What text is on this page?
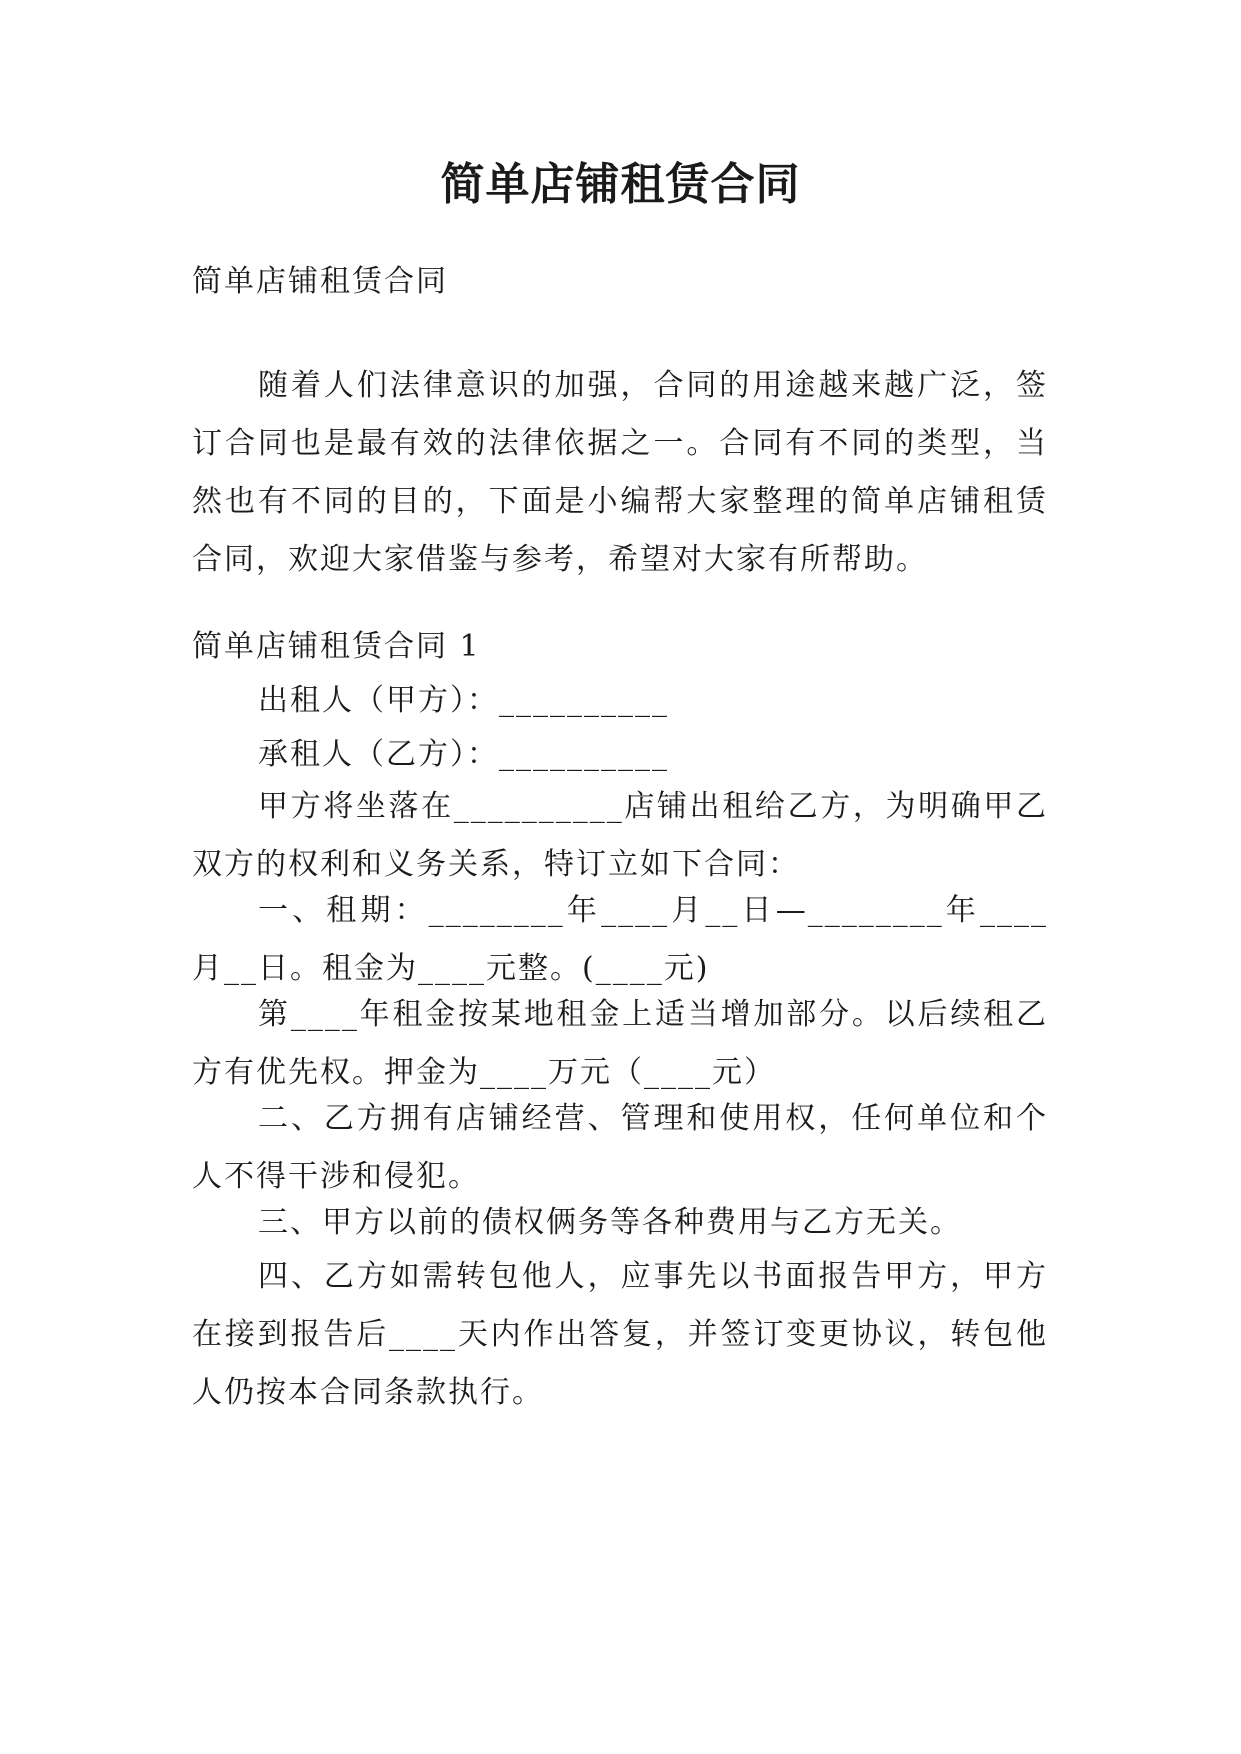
简单店铺租赁合同

简单店铺租赁合同

随着人们法律意识的加强，合同的用途越来越广泛，签订合同也是最有效的法律依据之一。合同有不同的类型，当然也有不同的目的，下面是小编帮大家整理的简单店铺租赁合同，欢迎大家借鉴与参考，希望对大家有所帮助。

简单店铺租赁合同 1

出租人（甲方）：__________

承租人（乙方）：__________

甲方将坐落在__________店铺出租给乙方，为明确甲乙双方的权利和义务关系，特订立如下合同：

一、租期：________年____月__日—________年____月__日。租金为____元整。(____元)

第____年租金按某地租金上适当增加部分。以后续租乙方有优先权。押金为____万元（____元）

二、乙方拥有店铺经营、管理和使用权，任何单位和个人不得干涉和侵犯。

三、甲方以前的债权俩务等各种费用与乙方无关。

四、乙方如需转包他人，应事先以书面报告甲方，甲方在接到报告后____天内作出答复，并签订变更协议，转包他人仍按本合同条款执行。
